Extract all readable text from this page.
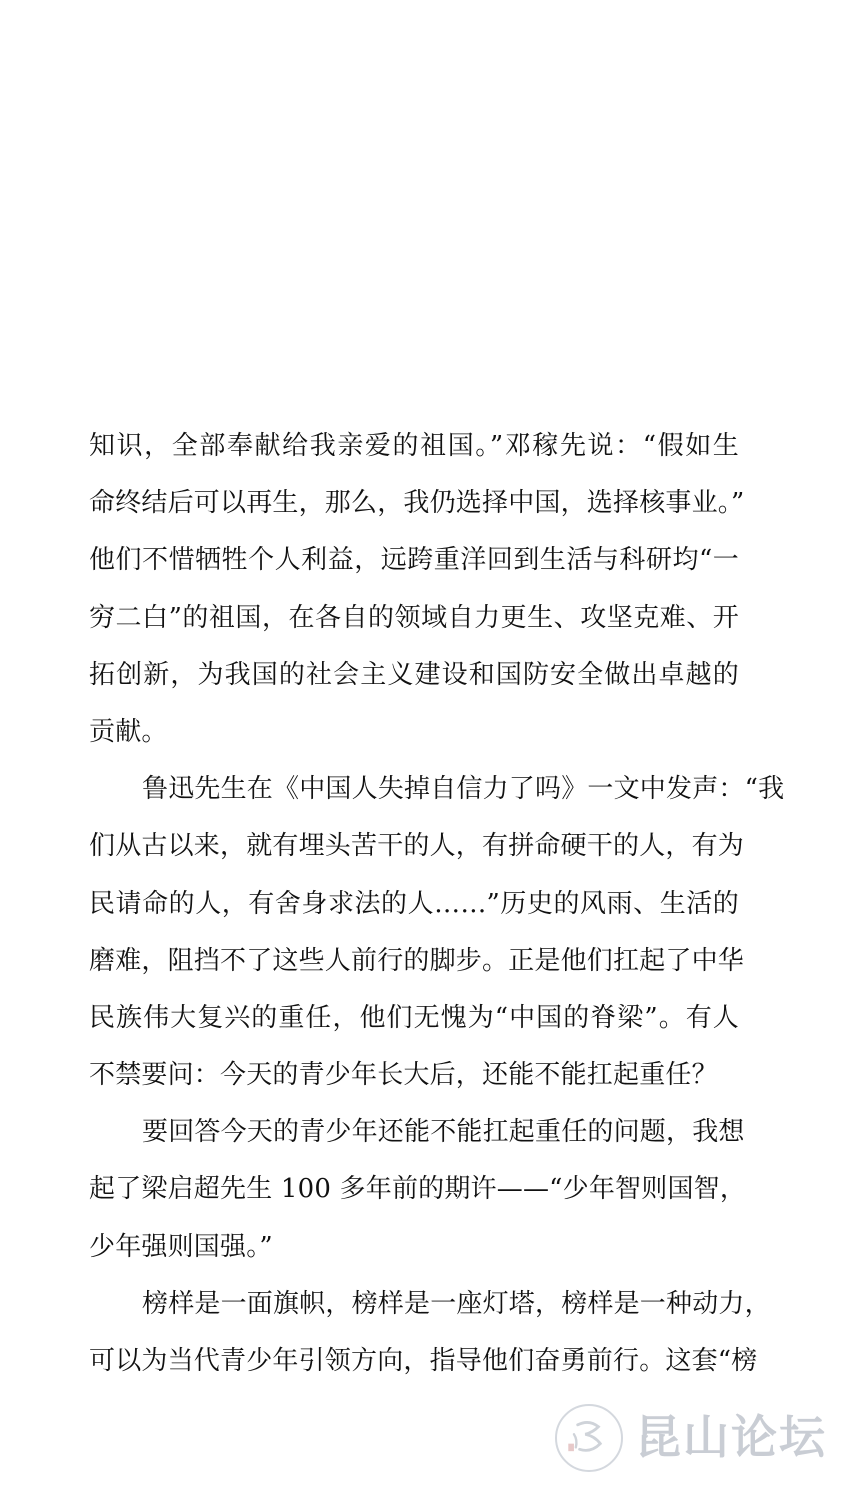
知识，全部奉献给我亲爱的祖国。”邓稼先说：“假如生
命终结后可以再生，那么，我仍选择中国，选择核事业。”
他们不惜牺牲个人利益，远跨重洋回到生活与科研均“一
穷二白”的祖国，在各自的领域自力更生、攻坚克难、开
拓创新，为我国的社会主义建设和国防安全做出卓越的
贡献。
鲁迅先生在《中国人失掉自信力了吗》一文中发声：“我
们从古以来，就有埋头苦干的人，有拼命硬干的人，有为
民请命的人，有舍身求法的人……”历史的风雨、生活的
磨难，阻挡不了这些人前行的脚步。正是他们扛起了中华
民族伟大复兴的重任，他们无愧为“中国的脊梁”。有人
不禁要问：今天的青少年长大后，还能不能扛起重任？
要回答今天的青少年还能不能扛起重任的问题，我想
起了梁启超先生 100 多年前的期许——“少年智则国智，
少年强则国强。”
榜样是一面旗帜，榜样是一座灯塔，榜样是一种动力，
可以为当代青少年引领方向，指导他们奋勇前行。这套“榜
昆山论坛
